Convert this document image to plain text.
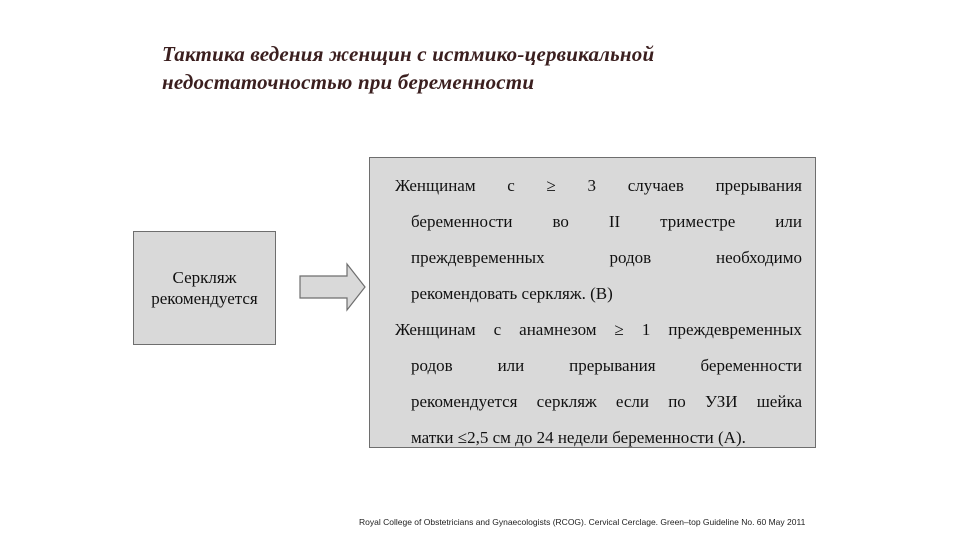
Тактика ведения женщин с истмико-цервикальной
недостаточностью при беременности
Серкляж
рекомендуется
Женщинам с ≥ 3 случаев прерывания
беременности во II триместре или
преждевременных	родов	необходимо
рекомендовать серкляж. (В)
Женщинам с анамнезом ≥ 1 преждевременных
родов	или	прерывания	беременности
рекомендуется серкляж если по УЗИ шейка
матки ≤2,5 см до 24 недели беременности (А).
Royal College of Obstetricians and Gynaecologists (RCOG). Cervical Cerclage. Green–top Guideline No. 60 May 2011
